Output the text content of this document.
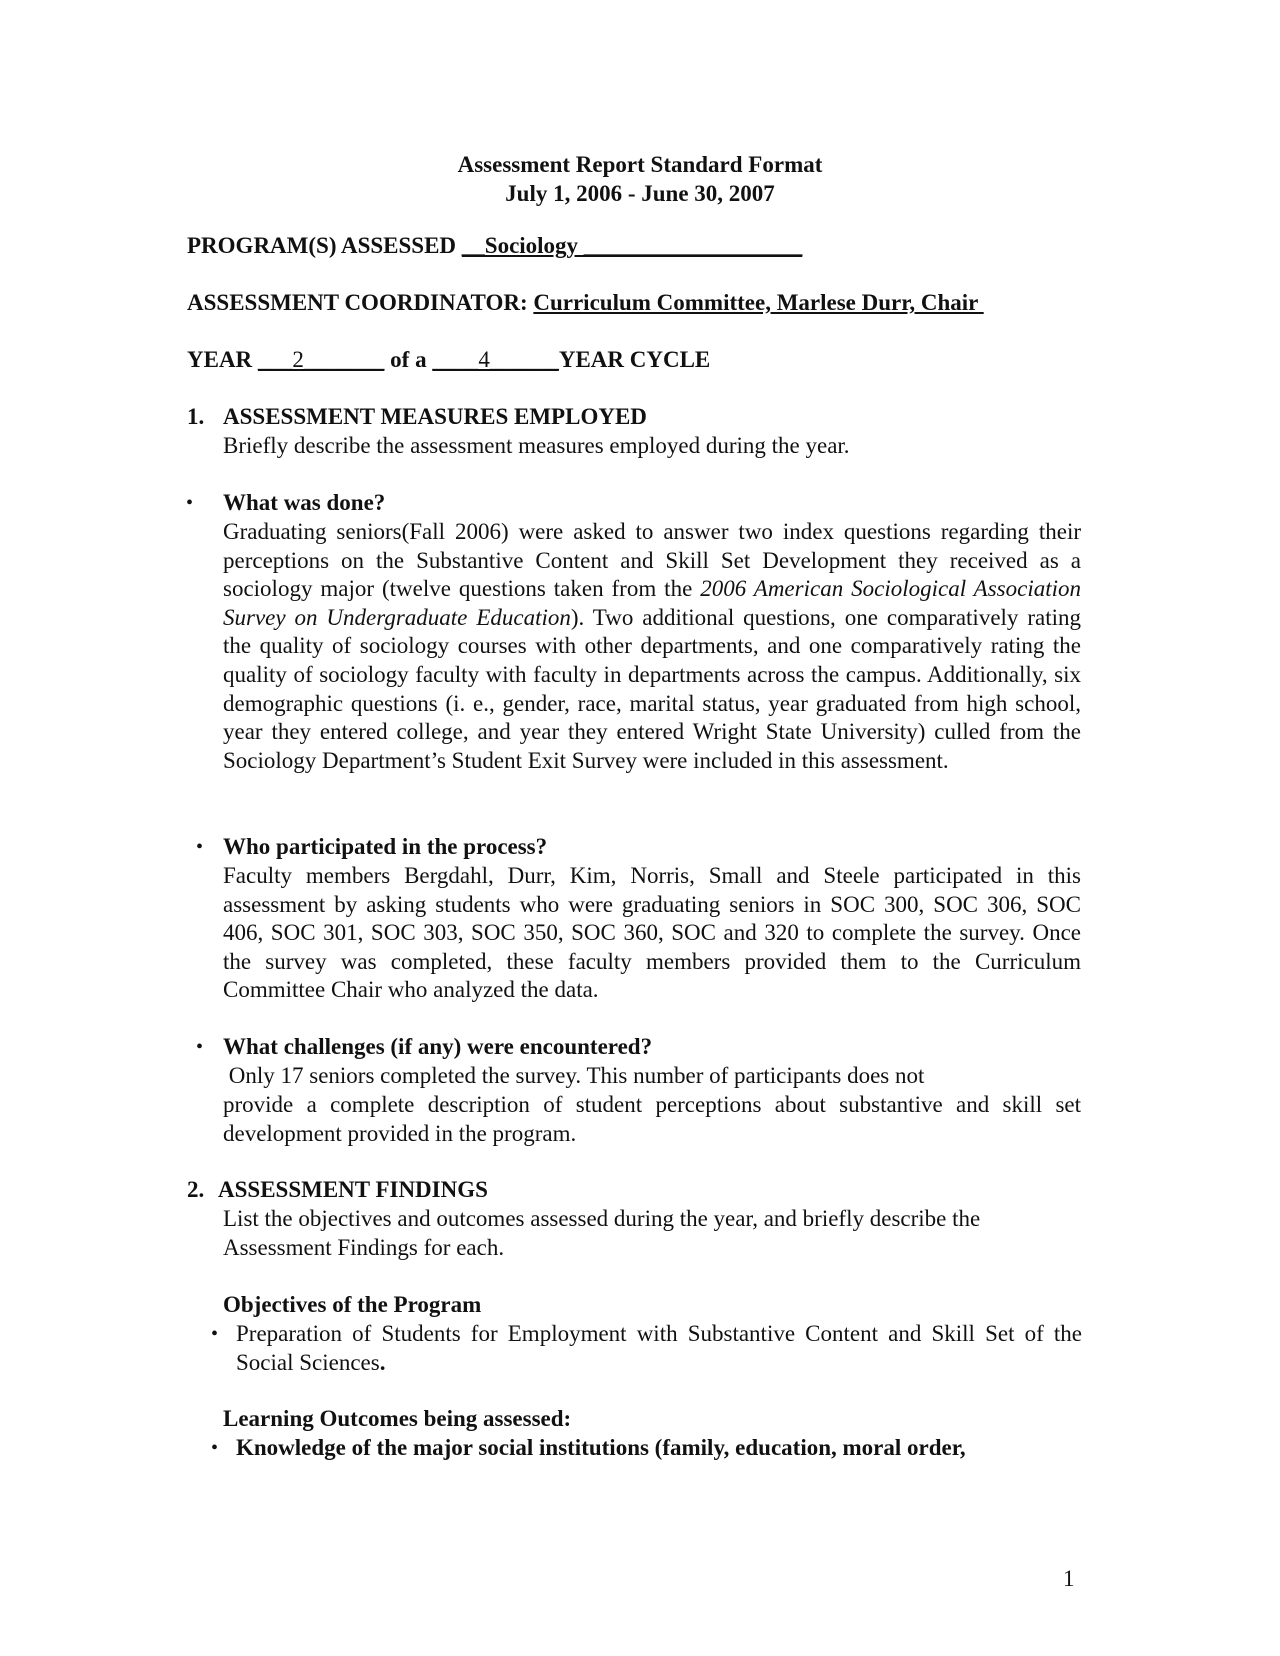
Assessment Report Standard Format
July 1, 2006 - June 30, 2007
PROGRAM(S) ASSESSED __Sociology ___________________
ASSESSMENT COORDINATOR: Curriculum Committee, Marlese Durr, Chair
YEAR ___2_______ of a ____4______YEAR CYCLE
1. ASSESSMENT MEASURES EMPLOYED
Briefly describe the assessment measures employed during the year.
• What was done?
Graduating seniors(Fall 2006) were asked to answer two index questions regarding their perceptions on the Substantive Content and Skill Set Development they received as a sociology major (twelve questions taken from the 2006 American Sociological Association Survey on Undergraduate Education). Two additional questions, one comparatively rating the quality of sociology courses with other departments, and one comparatively rating the quality of sociology faculty with faculty in departments across the campus. Additionally, six demographic questions (i. e., gender, race, marital status, year graduated from high school, year they entered college, and year they entered Wright State University) culled from the Sociology Department’s Student Exit Survey were included in this assessment.
• Who participated in the process?
Faculty members Bergdahl, Durr, Kim, Norris, Small and Steele participated in this assessment by asking students who were graduating seniors in SOC 300, SOC 306, SOC 406, SOC 301, SOC 303, SOC 350, SOC 360, SOC and 320 to complete the survey. Once the survey was completed, these faculty members provided them to the Curriculum Committee Chair who analyzed the data.
• What challenges (if any) were encountered?
Only 17 seniors completed the survey. This number of participants does not
provide a complete description of student perceptions about substantive and skill set development provided in the program.
2. ASSESSMENT FINDINGS
List the objectives and outcomes assessed during the year, and briefly describe the
Assessment Findings for each.
Objectives of the Program
• Preparation of Students for Employment with Substantive Content and Skill Set of the Social Sciences.
Learning Outcomes being assessed:
• Knowledge of the major social institutions (family, education, moral order,
1
